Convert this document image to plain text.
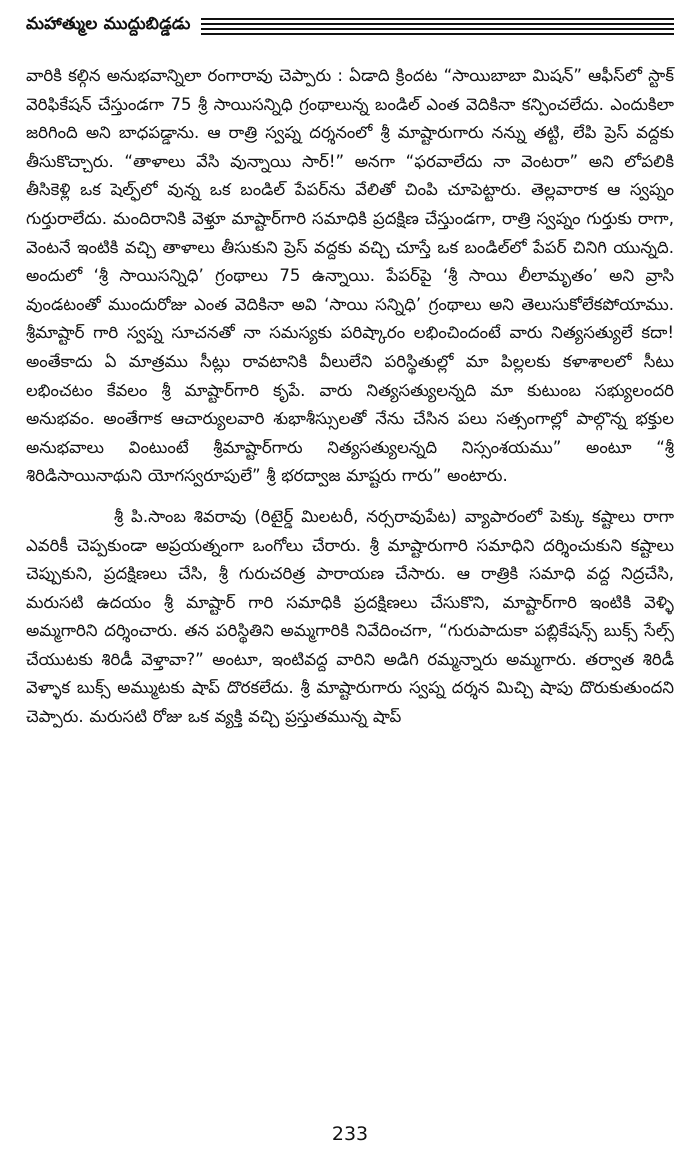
మహాత్ముల ముద్దుబిడ్డడు

వారికి కల్గిన అనుభవాన్నిలా రంగారావు చెప్పారు : ఏడాది క్రిందట “సాయిబాబా మిషన్” ఆఫీస్‌లో స్టాక్ వెరిఫికేషన్ చేస్తుండగా 75 శ్రీ సాయిసన్నిధి గ్రంథాలున్న బండిల్ ఎంత వెదికినా కన్పించలేదు. ఎందుకిలా జరిగింది అని బాధపడ్డాను. ఆ రాత్రి స్వప్న దర్శనంలో శ్రీ మాష్టారుగారు నన్ను తట్టి, లేపి ప్రెస్ వద్దకు తీసుకొచ్చారు. “తాళాలు వేసి వున్నాయి సార్!” అనగా “ఫరవాలేదు నా వెంటరా” అని లోపలికి తీసికెళ్లి ఒక షెల్ఫ్‌లో వున్న ఒక బండిల్ పేపర్‌ను వేలితో చింపి చూపెట్టారు. తెల్లవారాక ఆ స్వప్నం గుర్తురాలేదు. మందిరానికి వెళ్తూ మాష్టార్‌గారి సమాధికి ప్రదక్షిణ చేస్తుండగా, రాత్రి స్వప్నం గుర్తుకు రాగా, వెంటనే ఇంటికి వచ్చి తాళాలు తీసుకుని ప్రెస్ వద్దకు వచ్చి చూస్తే ఒక బండిల్‌లో పేపర్ చినిగి యున్నది. అందులో ‘శ్రీ సాయిసన్నిధి’ గ్రంథాలు 75 ఉన్నాయి. పేపర్‌పై ‘శ్రీ సాయి లీలామృతం’ అని వ్రాసి వుండటంతో ముందురోజు ఎంత వెదికినా అవి ‘సాయి సన్నిధి’ గ్రంథాలు అని తెలుసుకోలేకపోయాము. శ్రీమాష్టార్ గారి స్వప్న సూచనతో నా సమస్యకు పరిష్కారం లభించిందంటే వారు నిత్యసత్యులే కదా! అంతేకాదు ఏ మాత్రము సీట్లు రావటానికి వీలులేని పరిస్థితుల్లో మా పిల్లలకు కళాశాలలో సీటు లభించటం కేవలం శ్రీ మాష్టార్‌గారి కృపే. వారు నిత్యసత్యులన్నది మా కుటుంబ సభ్యులందరి అనుభవం. అంతేగాక ఆచార్యులవారి శుభాశీస్సులతో నేను చేసిన పలు సత్సంగాల్లో పాల్గొన్న భక్తుల అనుభవాలు వింటుంటే శ్రీమాష్టార్‌గారు నిత్యసత్యులన్నది నిస్సంశయము” అంటూ “శ్రీ శిరిడిసాయినాథుని యోగస్వరూపులే” శ్రీ భరద్వాజ మాష్టరు గారు” అంటారు.

శ్రీ పి.సాంబ శివరావు (రిటైర్డ్ మిలటరీ, నర్సరావుపేట) వ్యాపారంలో పెక్కు కష్టాలు రాగా ఎవరికీ చెప్పకుండా అప్రయత్నంగా ఒంగోలు చేరారు. శ్రీ మాష్టారుగారి సమాధిని దర్శించుకుని కష్టాలు చెప్పుకుని, ప్రదక్షిణలు చేసి, శ్రీ గురుచరిత్ర పారాయణ చేసారు. ఆ రాత్రికి సమాధి వద్ద నిద్రచేసి, మరుసటి ఉదయం శ్రీ మాష్టార్ గారి సమాధికి ప్రదక్షిణలు చేసుకొని, మాష్టార్‌గారి ఇంటికి వెళ్ళి అమ్మగారిని దర్శించారు. తన పరిస్థితిని అమ్మగారికి నివేదించగా, “గురుపాదుకా పబ్లికేషన్స్ బుక్స్ సేల్స్ చేయుటకు శిరిడీ వెళ్తావా?” అంటూ, ఇంటివద్ద వారిని అడిగి రమ్మన్నారు అమ్మగారు. తర్వాత శిరిడీ వెళ్ళాక బుక్స్ అమ్ముటకు షాప్ దొరకలేదు. శ్రీ మాష్టారుగారు స్వప్న దర్శన మిచ్చి షాపు దొరుకుతుందని చెప్పారు. మరుసటి రోజు ఒక వ్యక్తి వచ్చి ప్రస్తుతమున్న షాప్

233
